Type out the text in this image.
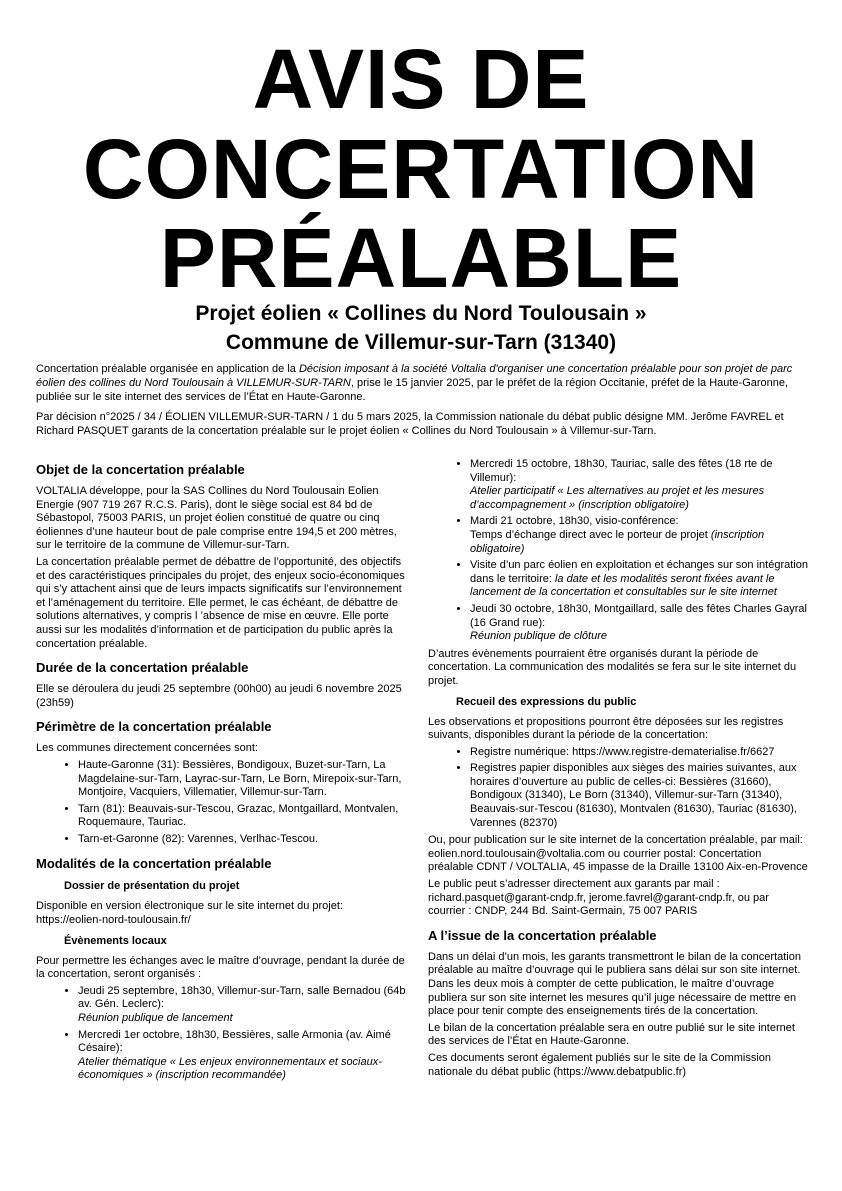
AVIS DE
CONCERTATION
PRÉALABLE
Projet éolien « Collines du Nord Toulousain »
Commune de Villemur-sur-Tarn (31340)

Concertation préalable organisée en application de la Décision imposant à la société Voltalia d'organiser une concertation préalable pour son projet de parc éolien des collines du Nord Toulousain à VILLEMUR-SUR-TARN, prise le 15 janvier 2025, par le préfet de la région Occitanie, préfet de la Haute-Garonne, publiée sur le site internet des services de l’État en Haute-Garonne.

Par décision n°2025 / 34 / ÉOLIEN VILLEMUR-SUR-TARN / 1 du 5 mars 2025, la Commission nationale du débat public désigne MM. Jerôme FAVREL et Richard PASQUET garants de la concertation préalable sur le projet éolien « Collines du Nord Toulousain » à Villemur-sur-Tarn.

Objet de la concertation préalable

VOLTALIA développe, pour la SAS Collines du Nord Toulousain Eolien Energie (907 719 267 R.C.S. Paris), dont le siège social est 84 bd de Sébastopol, 75003 PARIS, un projet éolien constitué de quatre ou cinq éoliennes d’une hauteur bout de pale comprise entre 194,5 et 200 mètres, sur le territoire de la commune de Villemur-sur-Tarn.

La concertation préalable permet de débattre de l’opportunité, des objectifs et des caractéristiques principales du projet, des enjeux socio-économiques qui s’y attachent ainsi que de leurs impacts significatifs sur l’environnement et l’aménagement du territoire. Elle permet, le cas échéant, de débattre de solutions alternatives, y compris l ’absence de mise en œuvre. Elle porte aussi sur les modalités d’information et de participation du public après la concertation préalable.

Durée de la concertation préalable

Elle se déroulera du jeudi 25 septembre (00h00) au jeudi 6 novembre 2025 (23h59)

Périmètre de la concertation préalable

Les communes directement concernées sont:

• Haute-Garonne (31): Bessières, Bondigoux, Buzet-sur-Tarn, La Magdelaine-sur-Tarn, Layrac-sur-Tarn, Le Born, Mirepoix-sur-Tarn, Montjoire, Vacquiers, Villematier, Villemur-sur-Tarn.
• Tarn (81): Beauvais-sur-Tescou, Grazac, Montgaillard, Montvalen, Roquemaure, Tauriac.
• Tarn-et-Garonne (82): Varennes, Verlhac-Tescou.
Modalités de la concertation préalable
Dossier de présentation du projet

Disponible en version électronique sur le site internet du projet: https://eolien-nord-toulousain.fr/

Évènements locaux

Pour permettre les échanges avec le maître d’ouvrage, pendant la durée de la concertation, seront organisés :

• Jeudi 25 septembre, 18h30, Villemur-sur-Tarn, salle Bernadou (64b av. Gén. Leclerc):
Réunion publique de lancement
• Mercredi 1er octobre, 18h30, Bessières, salle Armonia (av. Aimé Césaire):
Atelier thématique « Les enjeux environnementaux et sociaux-économiques » (inscription recommandée)
• Mercredi 15 octobre, 18h30, Tauriac, salle des fêtes (18 rte de Villemur):
Atelier participatif « Les alternatives au projet et les mesures d’accompagnement » (inscription obligatoire)
• Mardi 21 octobre, 18h30, visio-conférence:
Temps d’échange direct avec le porteur de projet (inscription obligatoire)
• Visite d’un parc éolien en exploitation et échanges sur son intégration dans le territoire: la date et les modalités seront fixées avant le lancement de la concertation et consultables sur le site internet
• Jeudi 30 octobre, 18h30, Montgaillard, salle des fêtes Charles Gayral (16 Grand rue):
Réunion publique de clôture

D’autres évènements pourraient être organisés durant la période de concertation. La communication des modalités se fera sur le site internet du projet.

Recueil des expressions du public

Les observations et propositions pourront être déposées sur les registres suivants, disponibles durant la période de la concertation:

• Registre numérique: https://www.registre-dematerialise.fr/6627
• Registres papier disponibles aux sièges des mairies suivantes, aux horaires d’ouverture au public de celles-ci: Bessières (31660), Bondigoux (31340), Le Born (31340), Villemur-sur-Tarn (31340), Beauvais-sur-Tescou (81630), Montvalen (81630), Tauriac (81630), Varennes (82370)

Ou, pour publication sur le site internet de la concertation préalable, par mail: eolien.nord.toulousain@voltalia.com ou courrier postal: Concertation préalable CDNT / VOLTALIA, 45 impasse de la Draille 13100 Aix-en-Provence

Le public peut s’adresser directement aux garants par mail : richard.pasquet@garant-cndp.fr, jerome.favrel@garant-cndp.fr, ou par courrier : CNDP, 244 Bd. Saint-Germain, 75 007 PARIS

A l’issue de la concertation préalable

Dans un délai d’un mois, les garants transmettront le bilan de la concertation préalable au maître d’ouvrage qui le publiera sans délai sur son site internet. Dans les deux mois à compter de cette publication, le maître d’ouvrage publiera sur son site internet les mesures qu’il juge nécessaire de mettre en place pour tenir compte des enseignements tirés de la concertation.

Le bilan de la concertation préalable sera en outre publié sur le site internet des services de l’État en Haute-Garonne.

Ces documents seront également publiés sur le site de la Commission nationale du débat public (https://www.debatpublic.fr)
